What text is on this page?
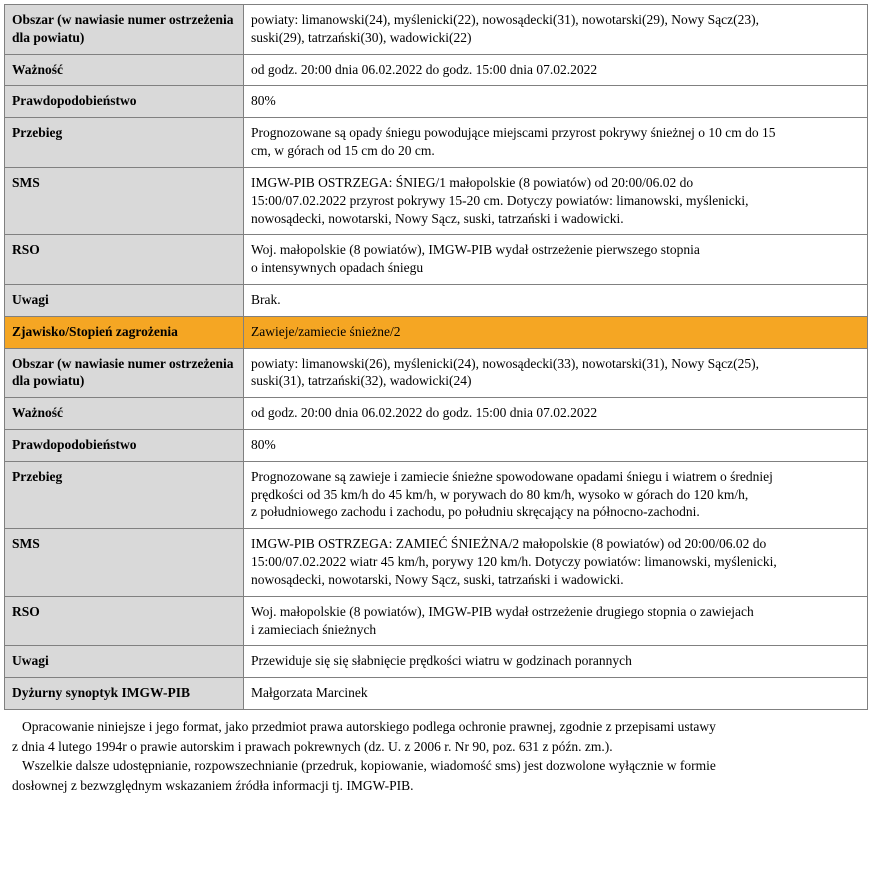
Obszar (w nawiasie numer ostrzeżenia dla powiatu)	powiaty: limanowski(24), myślenicki(22), nowosądecki(31), nowotarski(29), Nowy Sącz(23),
suski(29), tatrzański(30), wadowicki(22)

Ważność	od godz. 20:00 dnia 06.02.2022 do godz. 15:00 dnia 07.02.2022

Prawdopodobieństwo	80%

Przebieg	Prognozowane są opady śniegu powodujące miejscami przyrost pokrywy śnieżnej o 10 cm do 15
cm, w górach od 15 cm do 20 cm.

SMS	IMGW-PIB OSTRZEGA: ŚNIEG/1 małopolskie (8 powiatów) od 20:00/06.02 do
15:00/07.02.2022 przyrost pokrywy 15-20 cm. Dotyczy powiatów: limanowski, myślenicki,
nowosądecki, nowotarski, Nowy Sącz, suski, tatrzański i wadowicki.

RSO	Woj. małopolskie (8 powiatów), IMGW-PIB wydał ostrzeżenie pierwszego stopnia
o intensywnych opadach śniegu

Uwagi	Brak.

Zjawisko/Stopień zagrożenia	Zawieje/zamiecie śnieżne/2

Obszar (w nawiasie numer ostrzeżenia dla powiatu)	powiaty: limanowski(26), myślenicki(24), nowosądecki(33), nowotarski(31), Nowy Sącz(25),
suski(31), tatrzański(32), wadowicki(24)

Ważność	od godz. 20:00 dnia 06.02.2022 do godz. 15:00 dnia 07.02.2022

Prawdopodobieństwo	80%

Przebieg	Prognozowane są zawieje i zamiecie śnieżne spowodowane opadami śniegu i wiatrem o średniej
prędkości od 35 km/h do 45 km/h, w porywach do 80 km/h, wysoko w górach do 120 km/h,
z południowego zachodu i zachodu, po południu skręcający na północno-zachodni.

SMS	IMGW-PIB OSTRZEGA: ZAMIEĆ ŚNIEŻNA/2 małopolskie (8 powiatów) od 20:00/06.02 do
15:00/07.02.2022 wiatr 45 km/h, porywy 120 km/h. Dotyczy powiatów: limanowski, myślenicki,
nowosądecki, nowotarski, Nowy Sącz, suski, tatrzański i wadowicki.

RSO	Woj. małopolskie (8 powiatów), IMGW-PIB wydał ostrzeżenie drugiego stopnia o zawiejach
i zamieciach śnieżnych

Uwagi	Przewiduje się się słabnięcie prędkości wiatru w godzinach porannych

Dyżurny synoptyk IMGW-PIB	Małgorzata Marcinek

Opracowanie niniejsze i jego format, jako przedmiot prawa autorskiego podlega ochronie prawnej, zgodnie z przepisami ustawy

z dnia 4 lutego 1994r o prawie autorskim i prawach pokrewnych (dz. U. z 2006 r. Nr 90, poz. 631 z późn. zm.).

Wszelkie dalsze udostępnianie, rozpowszechnianie (przedruk, kopiowanie, wiadomość sms) jest dozwolone wyłącznie w formie

dosłownej z bezwzględnym wskazaniem źródła informacji tj. IMGW-PIB.
